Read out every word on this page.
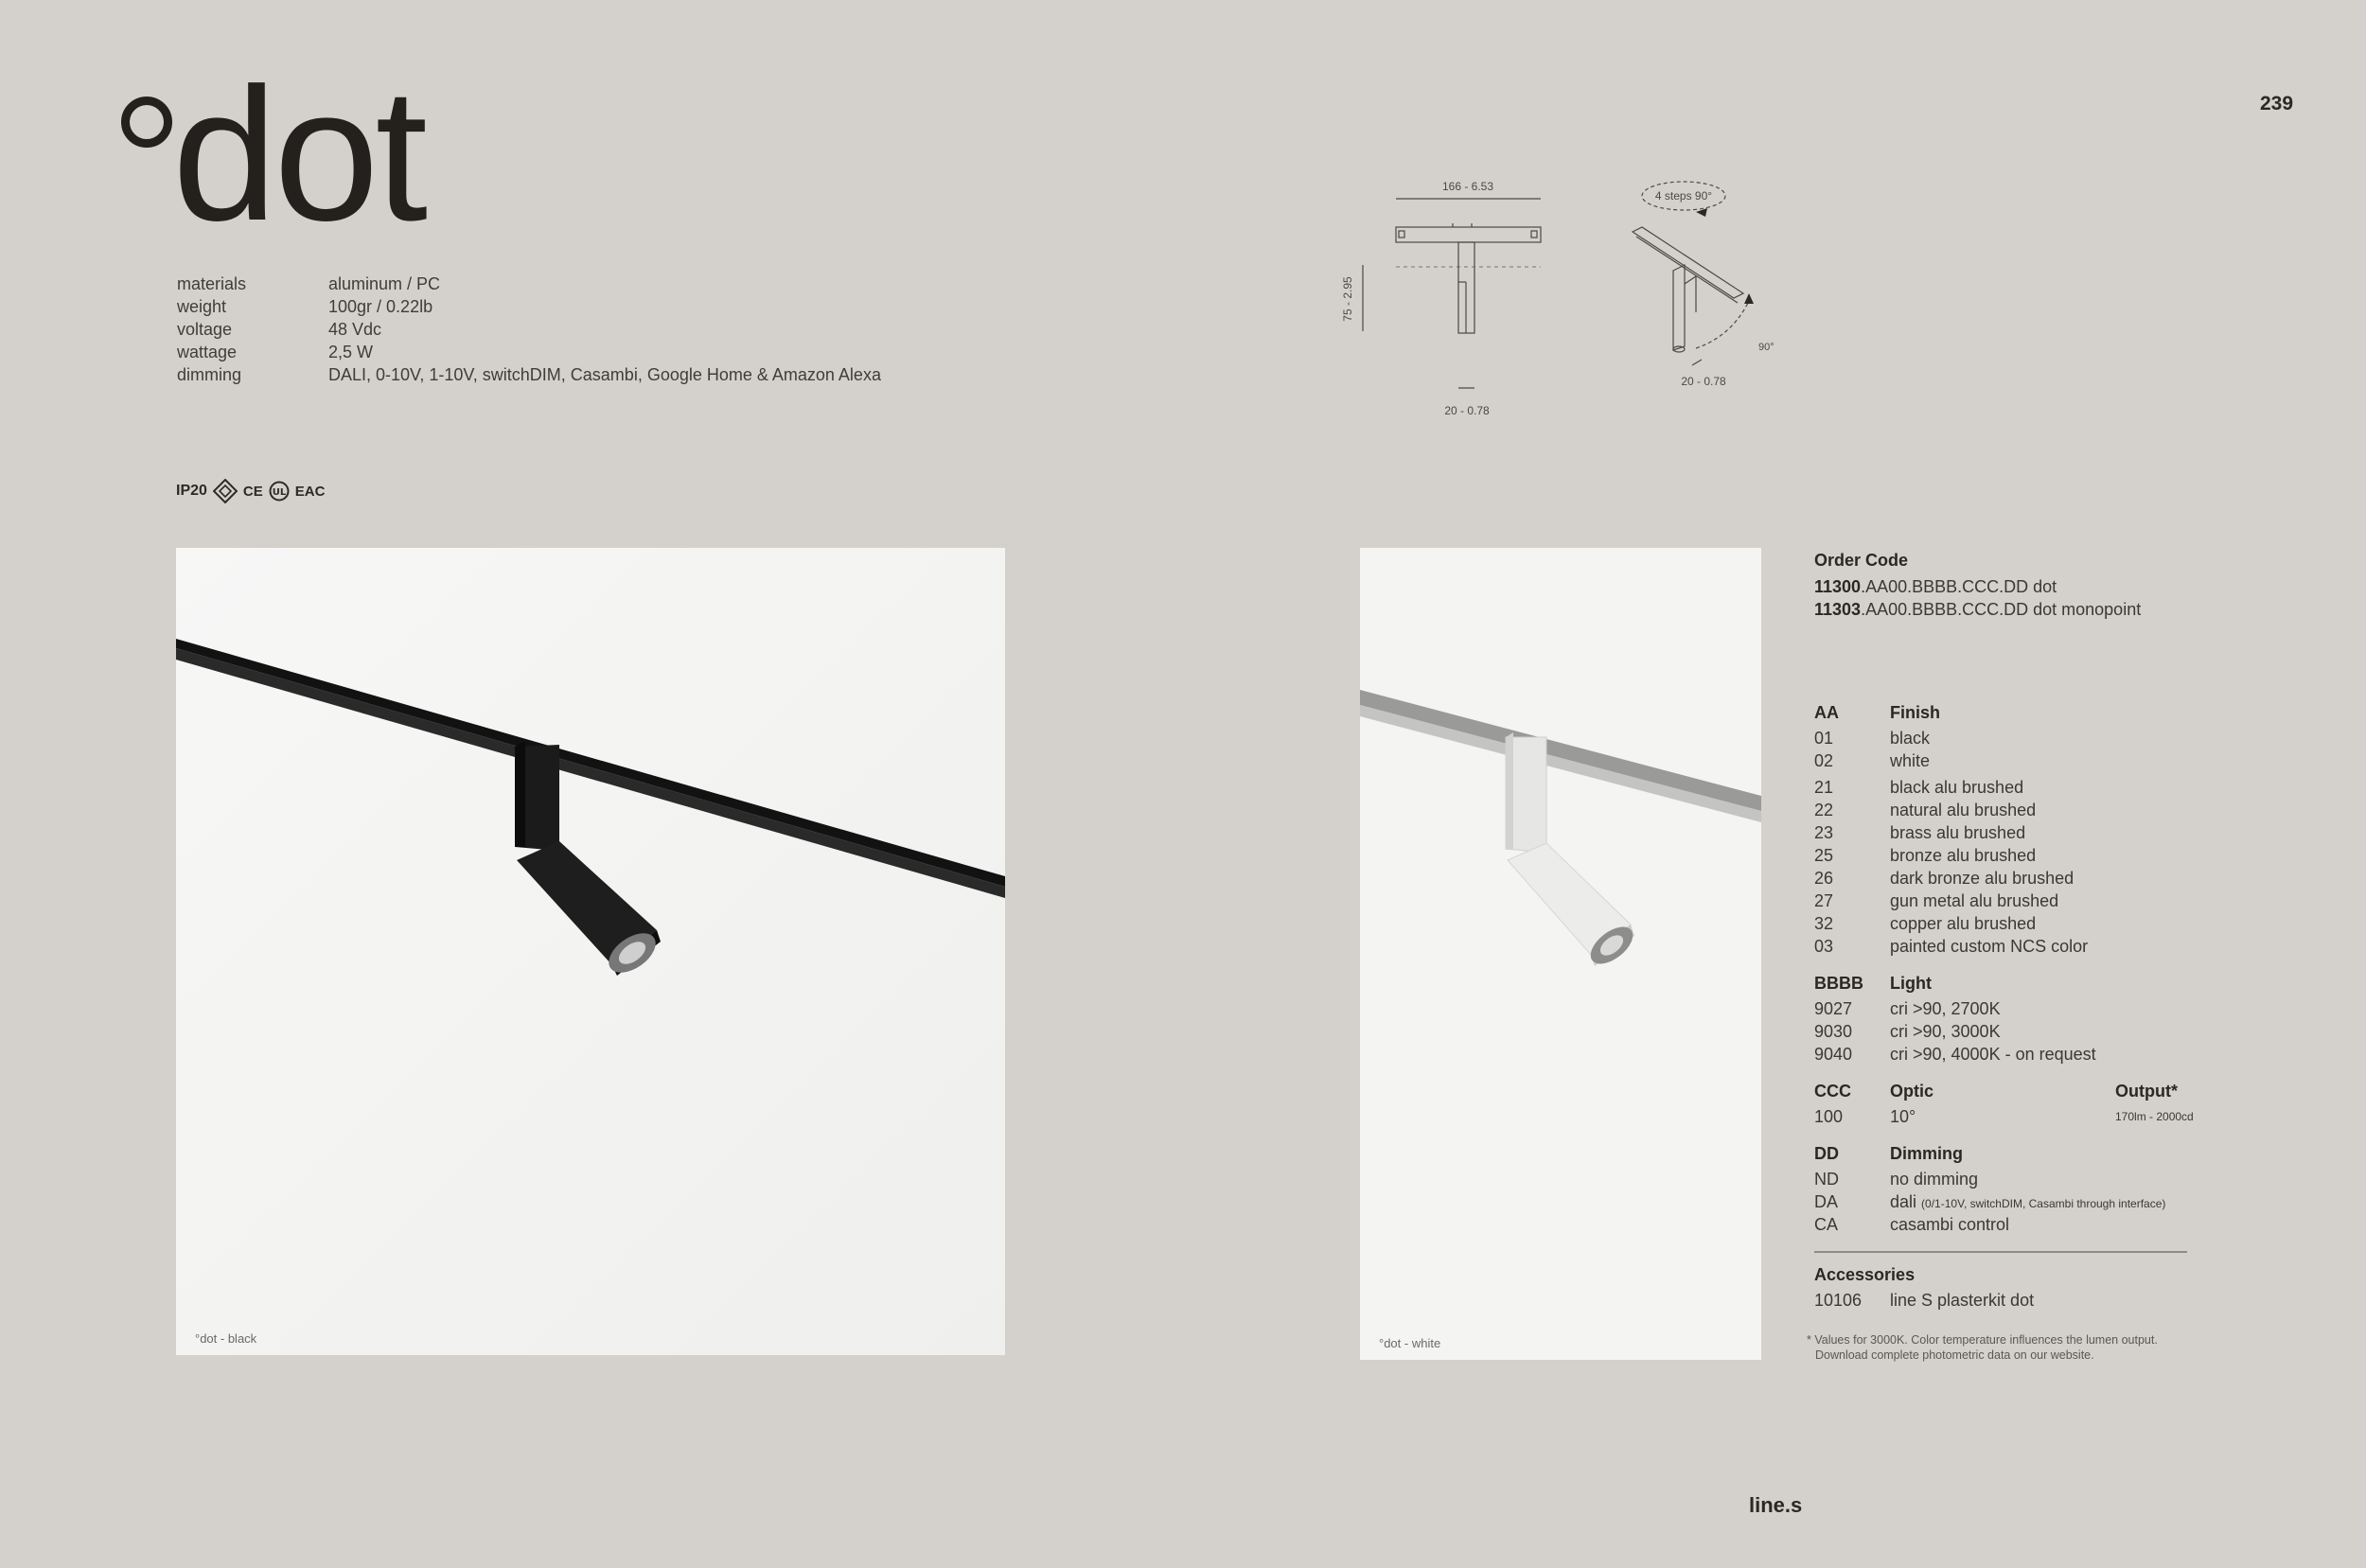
dot	239
materials	aluminum / PC
weight	100gr / 0.22lb
voltage	48 Vdc
wattage	2,5 W
dimming	DALI, 0-10V, 1-10V, switchDIM, Casambi, Google Home & Amazon Alexa
IP20	CE UL EAC
166 - 6.53
75 - 2.95
20 - 0.78
4 steps 90°
90°
20 - 0.78
°dot - black	°dot - white
Order Code
11300.AA00.BBBB.CCC.DD dot
11303.AA00.BBBB.CCC.DD dot monopoint
AA	Finish
01	black
02	white
21	black alu brushed
22	natural alu brushed
23	brass alu brushed
25	bronze alu brushed
26	dark bronze alu brushed
27	gun metal alu brushed
32	copper alu brushed
03	painted custom NCS color
BBBB	Light
9027	cri >90, 2700K
9030	cri >90, 3000K
9040	cri >90, 4000K - on request
CCC	Optic	Output*
100	10°	170lm - 2000cd
DD	Dimming
ND	no dimming
DA	dali (0/1-10V, switchDIM, Casambi through interface)
CA	casambi control
Accessories
10106	line S plasterkit dot
* Values for 3000K. Color temperature influences the lumen output.
Download complete photometric data on our website.
line.s
